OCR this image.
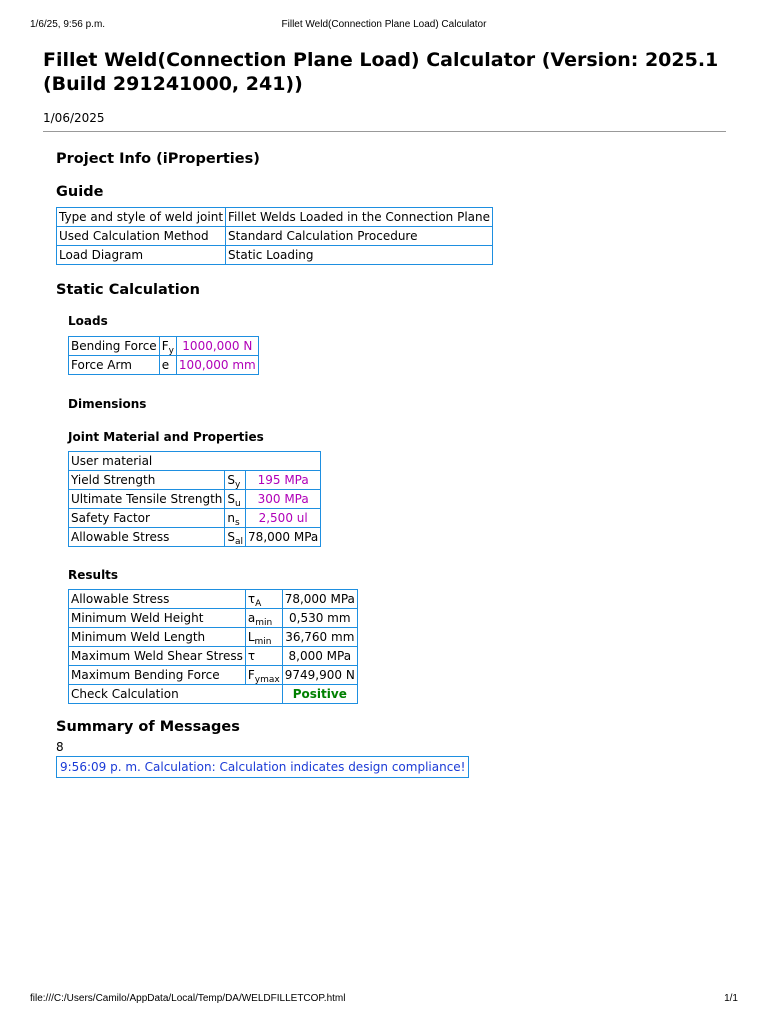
1/6/25, 9:56 p.m.	Fillet Weld(Connection Plane Load) Calculator
Fillet Weld(Connection Plane Load) Calculator (Version: 2025.1 (Build 291241000, 241))
1/06/2025
Project Info (iProperties)
Guide
Type and style of weld joint	Fillet Welds Loaded in the Connection Plane
Used Calculation Method	Standard Calculation Procedure
Load Diagram	Static Loading
Static Calculation
Loads
Bending Force	$F_y$	1000,000 N
Force Arm	e	100,000 mm
Dimensions
Joint Material and Properties
User material		
Yield Strength	$S_y$	195 MPa
Ultimate Tensile Strength	$S_u$	300 MPa
Safety Factor	$n_s$	2,500 ul
Allowable Stress	$S_{al}$	78,000 MPa
Results
Allowable Stress	$\tau_A$	78,000 MPa
Minimum Weld Height	$a_{min}$	0,530 mm
Minimum Weld Length	$L_{min}$	36,760 mm
Maximum Weld Shear Stress	τ	8,000 MPa
Maximum Bending Force	$F_{ymax}$	9749,900 N
Check Calculation		Positive
Summary of Messages
8
9:56:09 p. m. Calculation: Calculation indicates design compliance!
file:///C:/Users/Camilo/AppData/Local/Temp/DA/WELDFILLETCOP.html	1/1
